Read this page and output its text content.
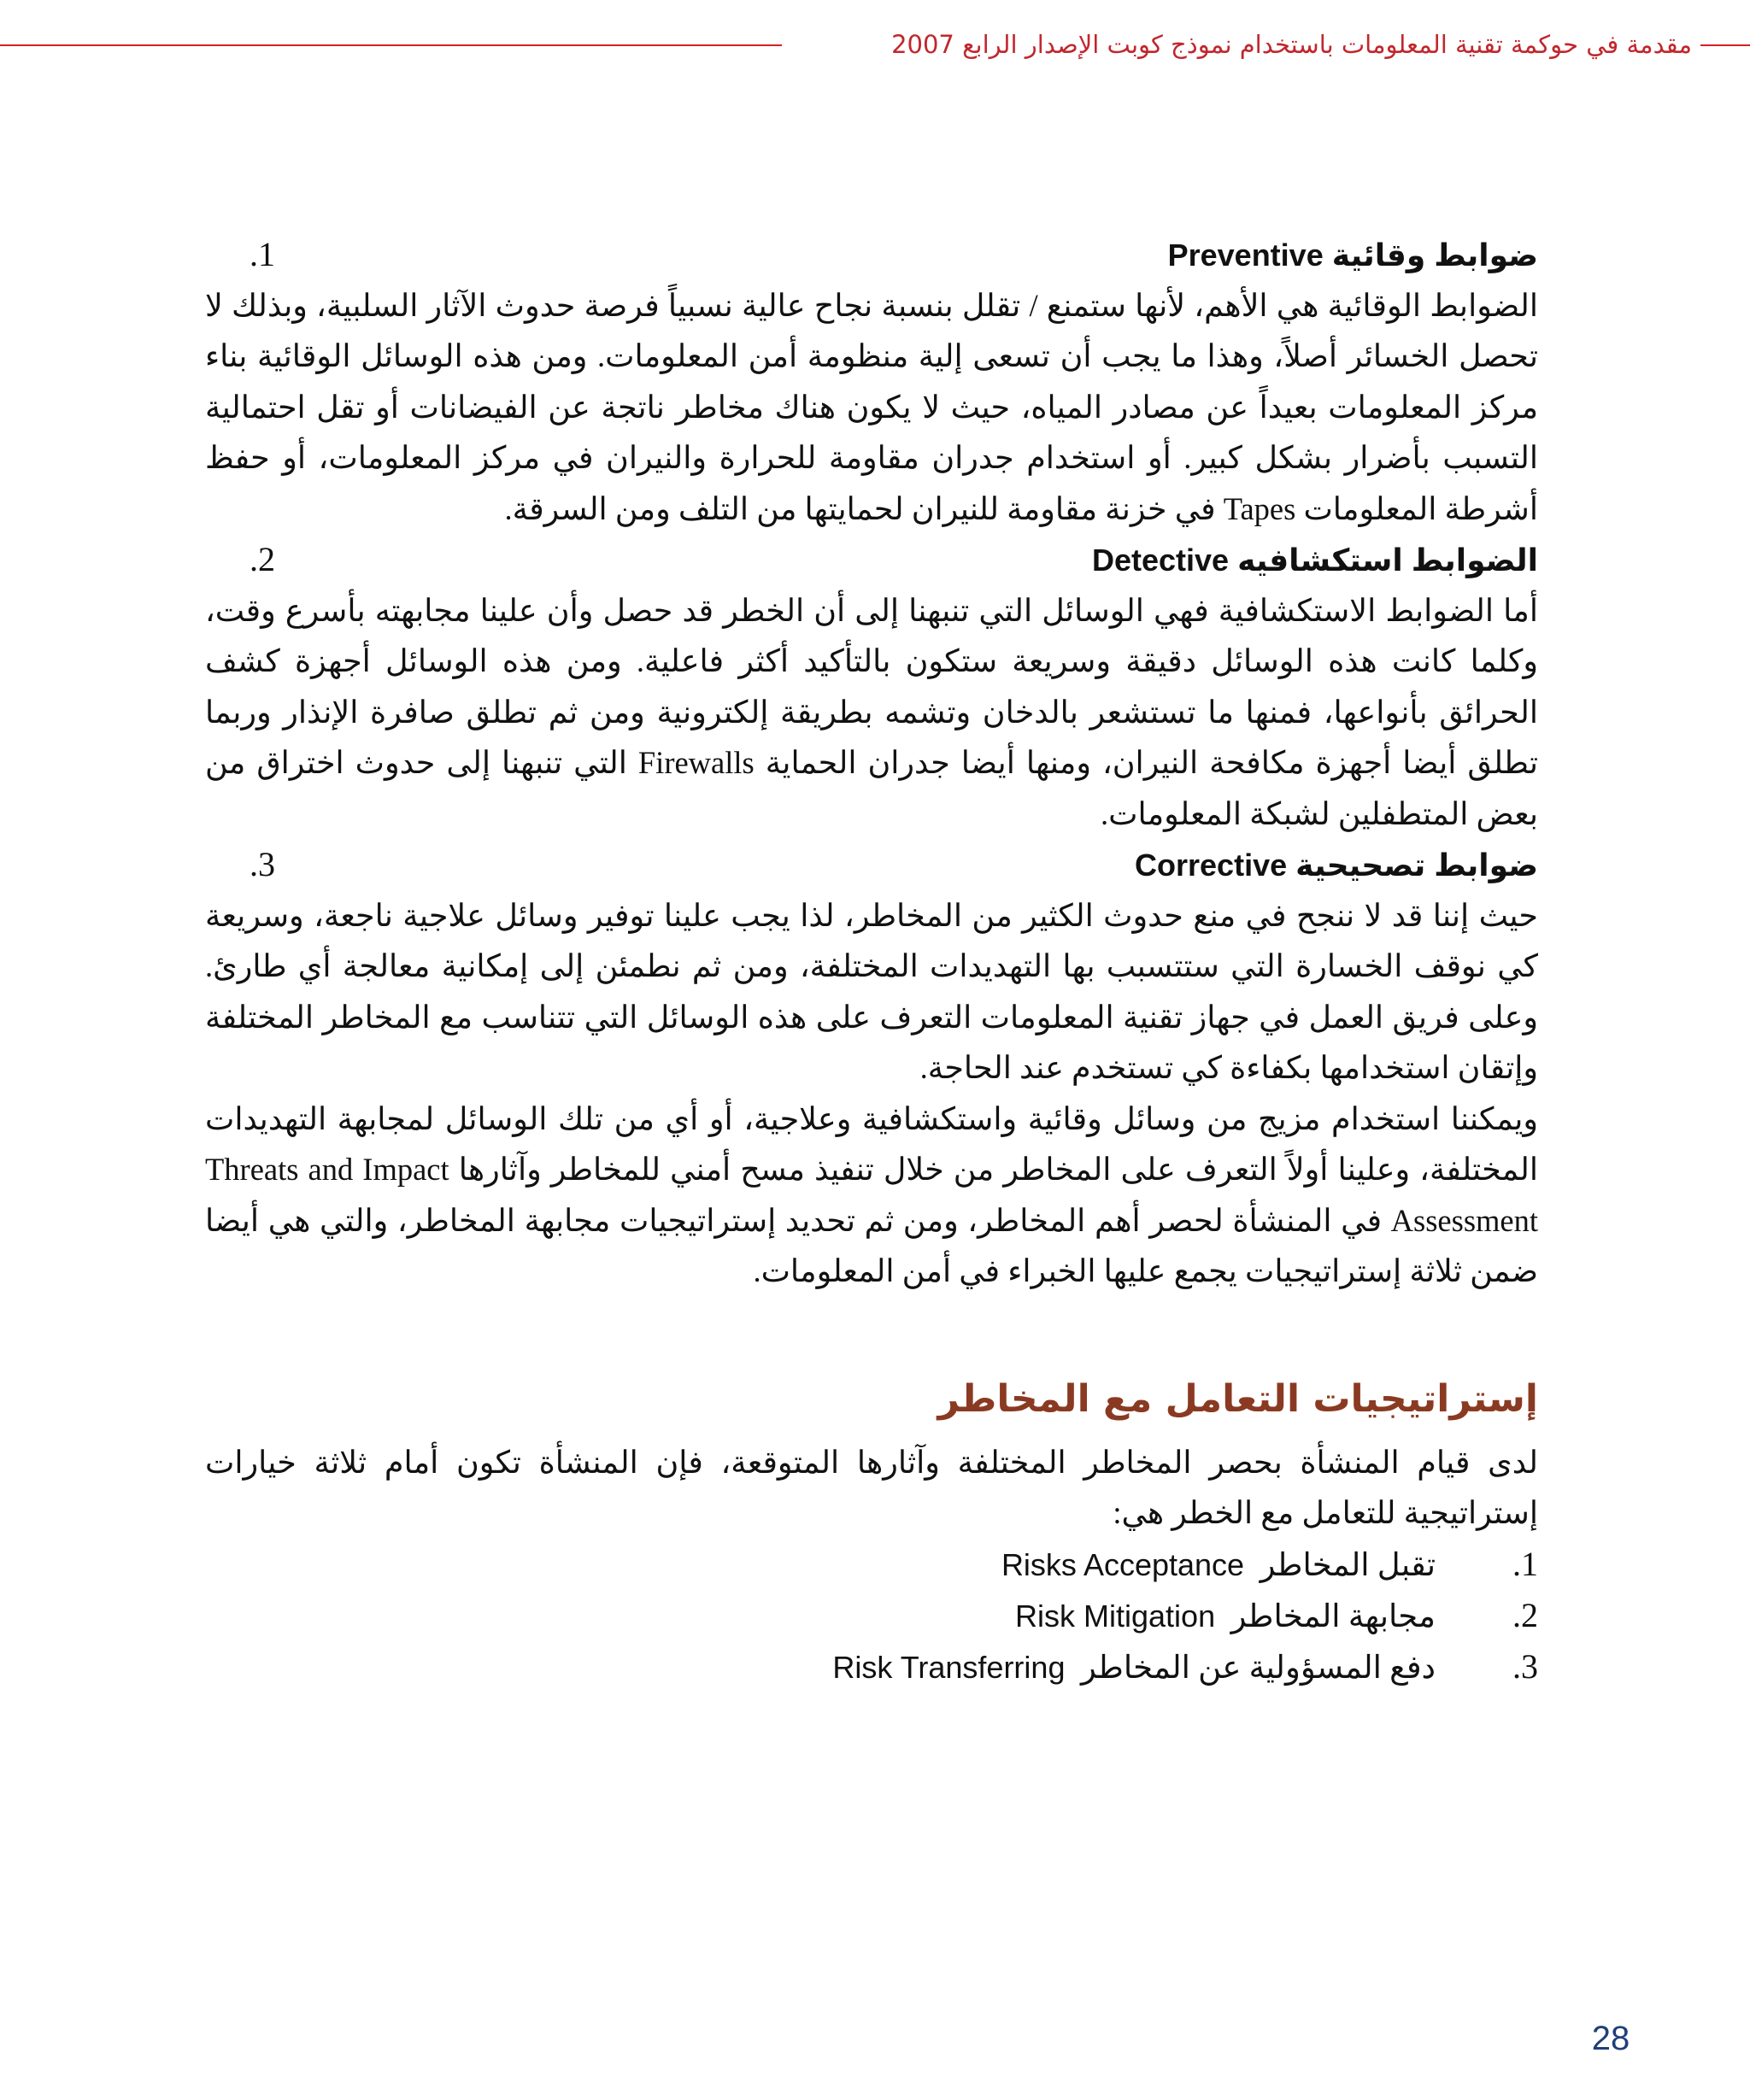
مقدمة في حوكمة تقنية المعلومات باستخدام نموذج كوبت الإصدار الرابع 2007
ضوابط وقائية Preventive
.1

الضوابط الوقائية هي الأهم، لأنها ستمنع / تقلل بنسبة نجاح عالية نسبياً فرصة حدوث الآثار السلبية، وبذلك لا تحصل الخسائر أصلاً، وهذا ما يجب أن تسعى إلية منظومة أمن المعلومات. ومن هذه الوسائل الوقائية بناء مركز المعلومات بعيداً عن مصادر المياه، حيث لا يكون هناك مخاطر ناتجة عن الفيضانات أو تقل احتمالية التسبب بأضرار بشكل كبير. أو استخدام جدران مقاومة للحرارة والنيران في مركز المعلومات، أو حفظ أشرطة المعلومات Tapes في خزنة مقاومة للنيران لحمايتها من التلف ومن السرقة.

الضوابط استكشافيه Detective
.2

أما الضوابط الاستكشافية فهي الوسائل التي تنبهنا إلى أن الخطر قد حصل وأن علينا مجابهته بأسرع وقت، وكلما كانت هذه الوسائل دقيقة وسريعة ستكون بالتأكيد أكثر فاعلية. ومن هذه الوسائل أجهزة كشف الحرائق بأنواعها، فمنها ما تستشعر بالدخان وتشمه بطريقة إلكترونية ومن ثم تطلق صافرة الإنذار وربما تطلق أيضا أجهزة مكافحة النيران، ومنها أيضا جدران الحماية Firewalls التي تنبهنا إلى حدوث اختراق من بعض المتطفلين لشبكة المعلومات.

ضوابط تصحيحية Corrective
.3

حيث إننا قد لا ننجح في منع حدوث الكثير من المخاطر، لذا يجب علينا توفير وسائل علاجية ناجعة، وسريعة كي نوقف الخسارة التي ستتسبب بها التهديدات المختلفة، ومن ثم نطمئن إلى إمكانية معالجة أي طارئ. وعلى فريق العمل في جهاز تقنية المعلومات التعرف على هذه الوسائل التي تتناسب مع المخاطر المختلفة وإتقان استخدامها بكفاءة كي تستخدم عند الحاجة.

ويمكننا استخدام مزيج من وسائل وقائية واستكشافية وعلاجية، أو أي من تلك الوسائل لمجابهة التهديدات المختلفة، وعلينا أولاً التعرف على المخاطر من خلال تنفيذ مسح أمني للمخاطر وآثارها Threats and Impact Assessment في المنشأة لحصر أهم المخاطر، ومن ثم تحديد إستراتيجيات مجابهة المخاطر، والتي هي أيضا ضمن ثلاثة إستراتيجيات يجمع عليها الخبراء في أمن المعلومات.

إستراتيجيات التعامل مع المخاطر

لدى قيام المنشأة بحصر المخاطر المختلفة وآثارها المتوقعة، فإن المنشأة تكون أمام ثلاثة خيارات إستراتيجية للتعامل مع الخطر هي:

.1
تقبل المخاطر

Risks Acceptance
.2
مجابهة المخاطر

Risk Mitigation
.3
دفع المسؤولية عن المخاطر

Risk Transferring
28
